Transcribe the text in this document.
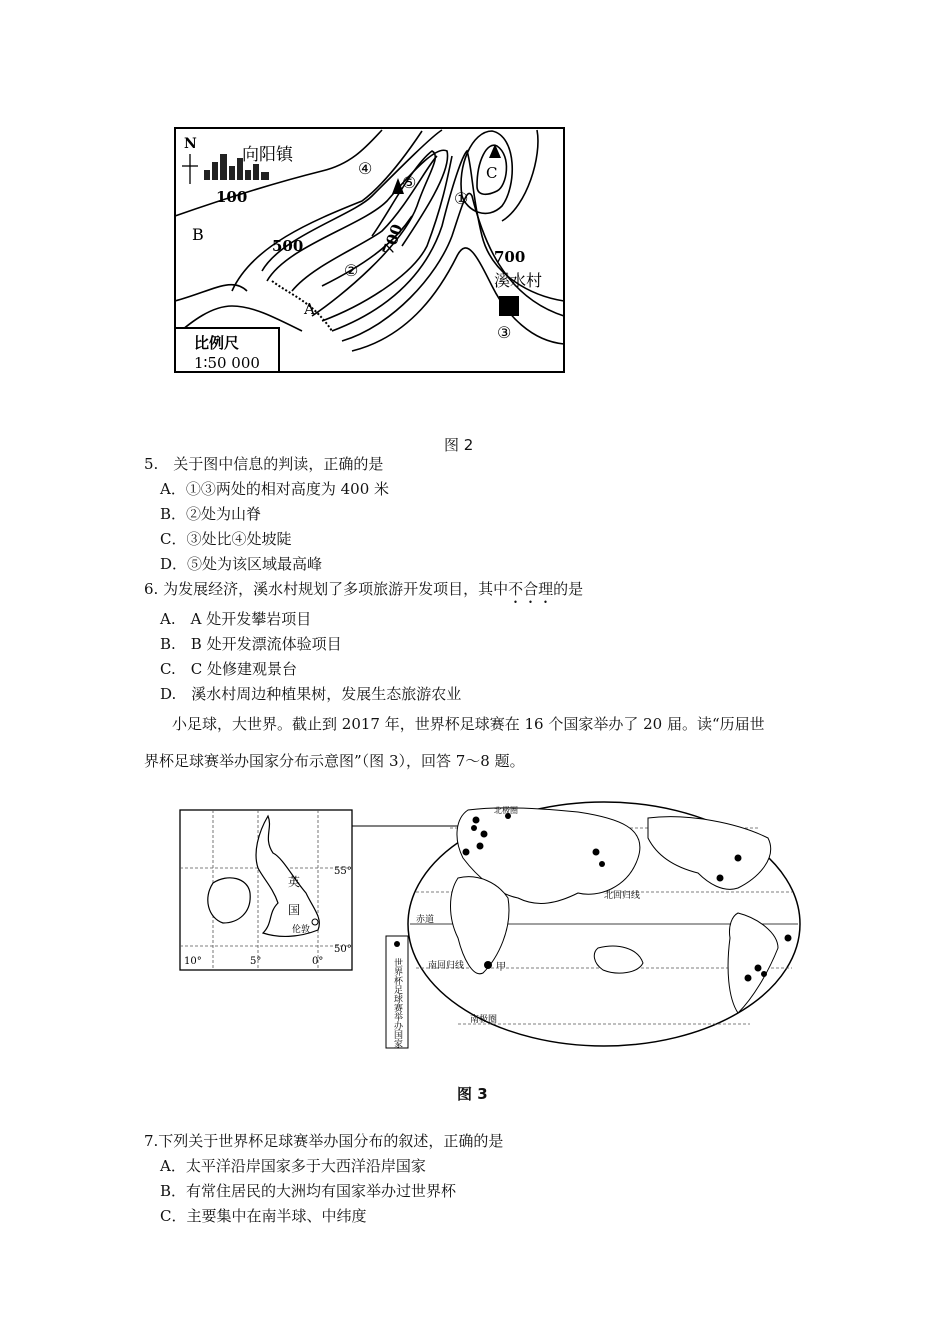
N
向阳镇
100
500	700	700
B
A
C
①
②
③
④
⑤
溪水村
比例尺
1∶50 000
图 2
5.　关于图中信息的判读，正确的是
A．①③两处的相对高度为 400 米
B．②处为山脊
C．③处比④处坡陡
D．⑤处为该区域最高峰
6. 为发展经济，溪水村规划了多项旅游开发项目，其中不合理的是
A.　A 处开发攀岩项目
B.　B 处开发漂流体验项目
C.　C 处修建观景台
D.　溪水村周边种植果树，发展生态旅游农业
小足球，大世界。截止到 2017 年，世界杯足球赛在 16 个国家举办了 20 届。读“历届世
界杯足球赛举办国家分布示意图”（图 3），回答 7～8 题。
英
国
伦敦
55°
50°
10°	5°	0°
北极圈
北回归线
赤道
南回归线
南极圈
甲
世界杯足球赛举办国家
图 3
7.下列关于世界杯足球赛举办国分布的叙述，正确的是
A．太平洋沿岸国家多于大西洋沿岸国家
B．有常住居民的大洲均有国家举办过世界杯
C．主要集中在南半球、中纬度
